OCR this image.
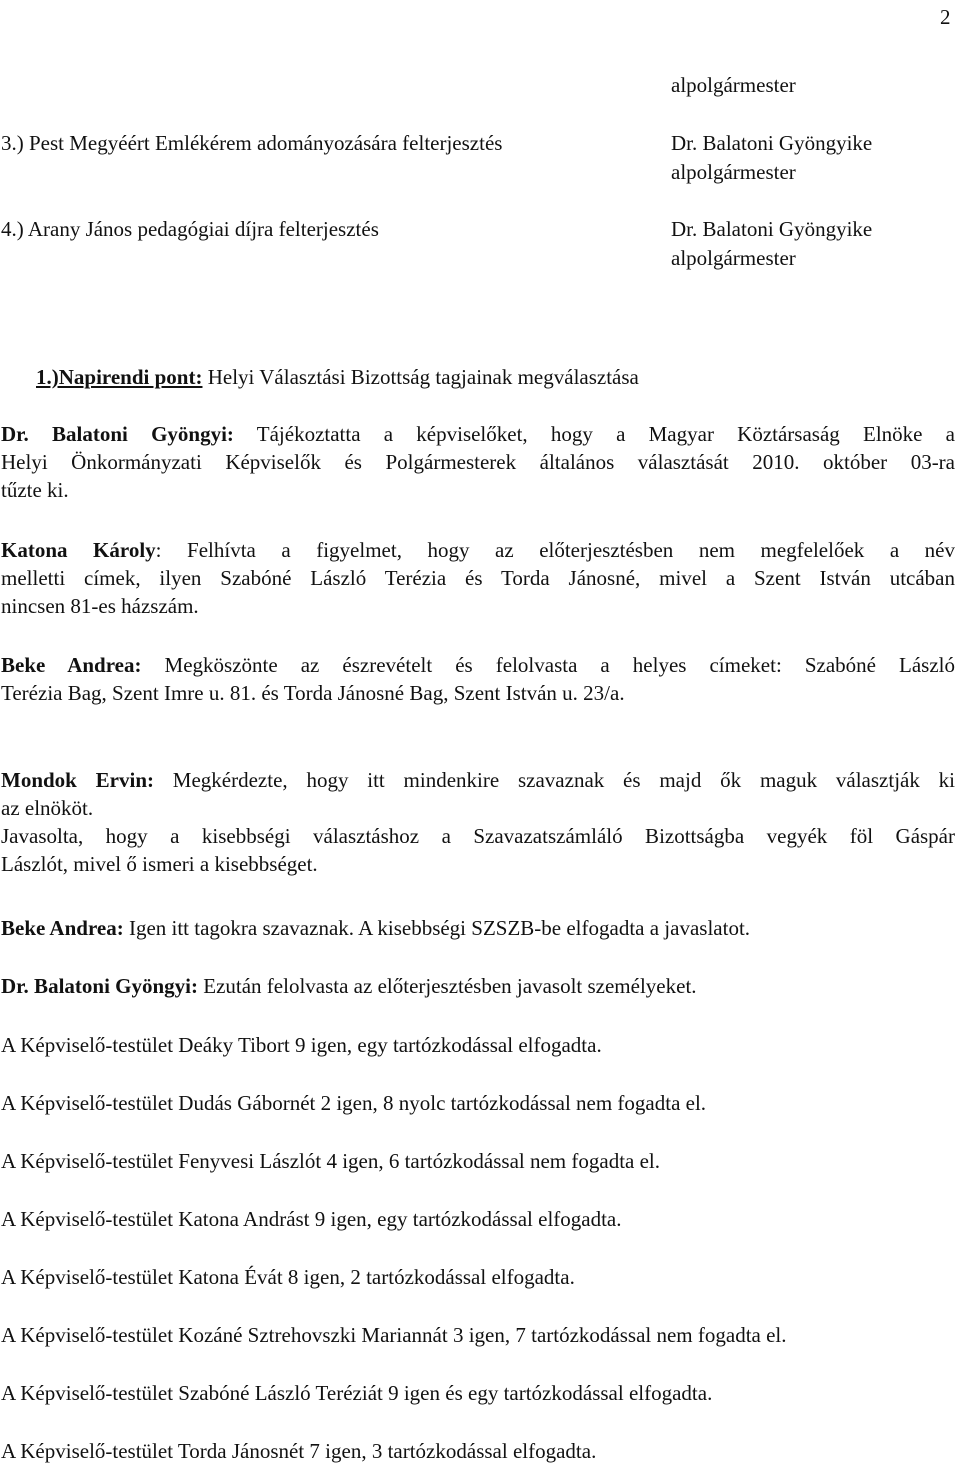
2
alpolgármester
3.) Pest Megyéért Emlékérem adományozására felterjesztés	Dr. Balatoni Gyöngyike
alpolgármester
4.) Arany János pedagógiai díjra felterjesztés	Dr. Balatoni Gyöngyike
alpolgármester
1.)Napirendi pont: Helyi Választási Bizottság tagjainak megválasztása
Dr. Balatoni Gyöngyi: Tájékoztatta a képviselőket, hogy a Magyar Köztársaság Elnöke a
Helyi Önkormányzati Képviselők és Polgármesterek általános választását 2010. október 03-ra
tűzte ki.
Katona Károly: Felhívta a figyelmet, hogy az előterjesztésben nem megfelelőek a név
melletti címek, ilyen Szabóné László Terézia és Torda Jánosné, mivel a Szent István utcában
nincsen 81-es házszám.
Beke Andrea: Megköszönte az észrevételt és felolvasta a helyes címeket: Szabóné László
Terézia Bag, Szent Imre u. 81. és Torda Jánosné Bag, Szent István u. 23/a.
Mondok Ervin: Megkérdezte, hogy itt mindenkire szavaznak és majd ők maguk választják ki
az elnököt.
Javasolta, hogy a kisebbségi választáshoz a Szavazatszámláló Bizottságba vegyék föl Gáspár
Lászlót, mivel ő ismeri a kisebbséget.
Beke Andrea: Igen itt tagokra szavaznak. A kisebbségi SZSZB-be elfogadta a javaslatot.
Dr. Balatoni Gyöngyi: Ezután felolvasta az előterjesztésben javasolt személyeket.
A Képviselő-testület Deáky Tibort 9 igen, egy tartózkodással elfogadta.
A Képviselő-testület Dudás Gábornét 2 igen, 8 nyolc tartózkodással nem fogadta el.
A Képviselő-testület Fenyvesi Lászlót 4 igen, 6 tartózkodással nem fogadta el.
A Képviselő-testület Katona Andrást 9 igen, egy tartózkodással elfogadta.
A Képviselő-testület Katona Évát 8 igen, 2 tartózkodással elfogadta.
A Képviselő-testület Kozáné Sztrehovszki Mariannát 3 igen, 7 tartózkodással nem fogadta el.
A Képviselő-testület Szabóné László Teréziát 9 igen és egy tartózkodással elfogadta.
A Képviselő-testület Torda Jánosnét 7 igen, 3 tartózkodással elfogadta.
